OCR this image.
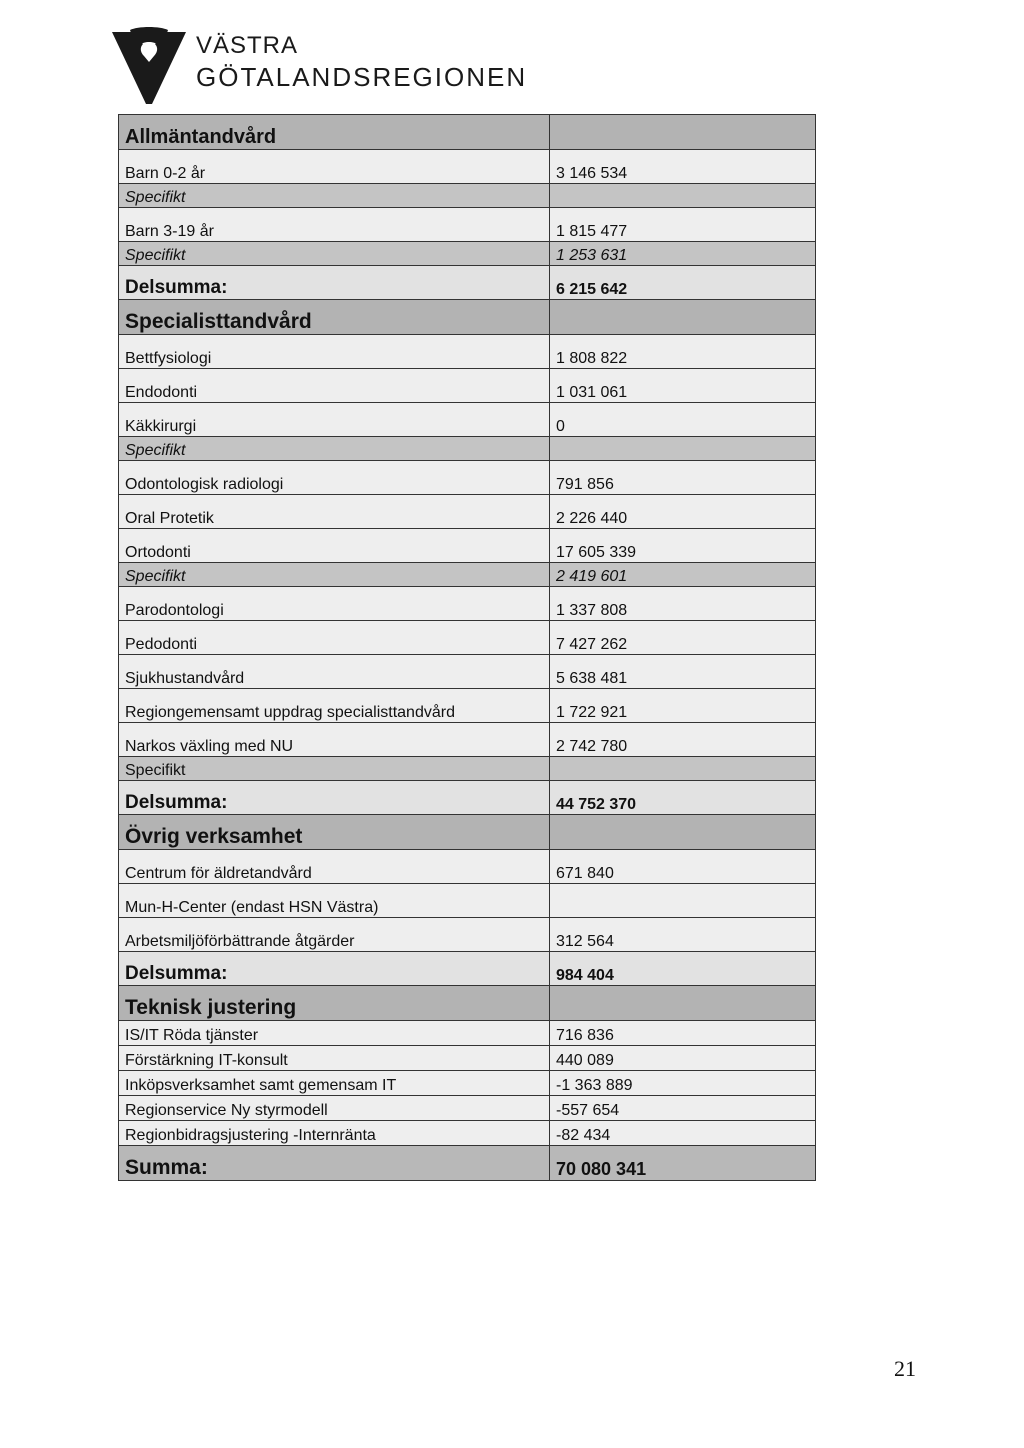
VÄSTRA
GÖTALANDSREGIONEN
Allmäntandvård	
Barn 0-2 år	3 146 534
Specifikt	
Barn 3-19 år	1 815 477
Specifikt	1 253 631
Delsumma:	6 215 642
Specialisttandvård	
Bettfysiologi	1 808 822
Endodonti	1 031 061
Käkkirurgi	0
Specifikt	
Odontologisk radiologi	791 856
Oral Protetik	2 226 440
Ortodonti	17 605 339
Specifikt	2 419 601
Parodontologi	1 337 808
Pedodonti	7 427 262
Sjukhustandvård	5 638 481
Regiongemensamt uppdrag specialisttandvård	1 722 921
Narkos växling med NU	2 742 780
Specifikt	
Delsumma:	44 752 370
Övrig verksamhet	
Centrum för äldretandvård	671 840
Mun-H-Center (endast HSN Västra)	
Arbetsmiljöförbättrande åtgärder	312 564
Delsumma:	984 404
Teknisk justering	
IS/IT Röda tjänster	716 836
Förstärkning IT-konsult	440 089
Inköpsverksamhet samt gemensam IT	-1 363 889
Regionservice Ny styrmodell	-557 654
Regionbidragsjustering -Internränta	-82 434
Summa:	70 080 341
21
